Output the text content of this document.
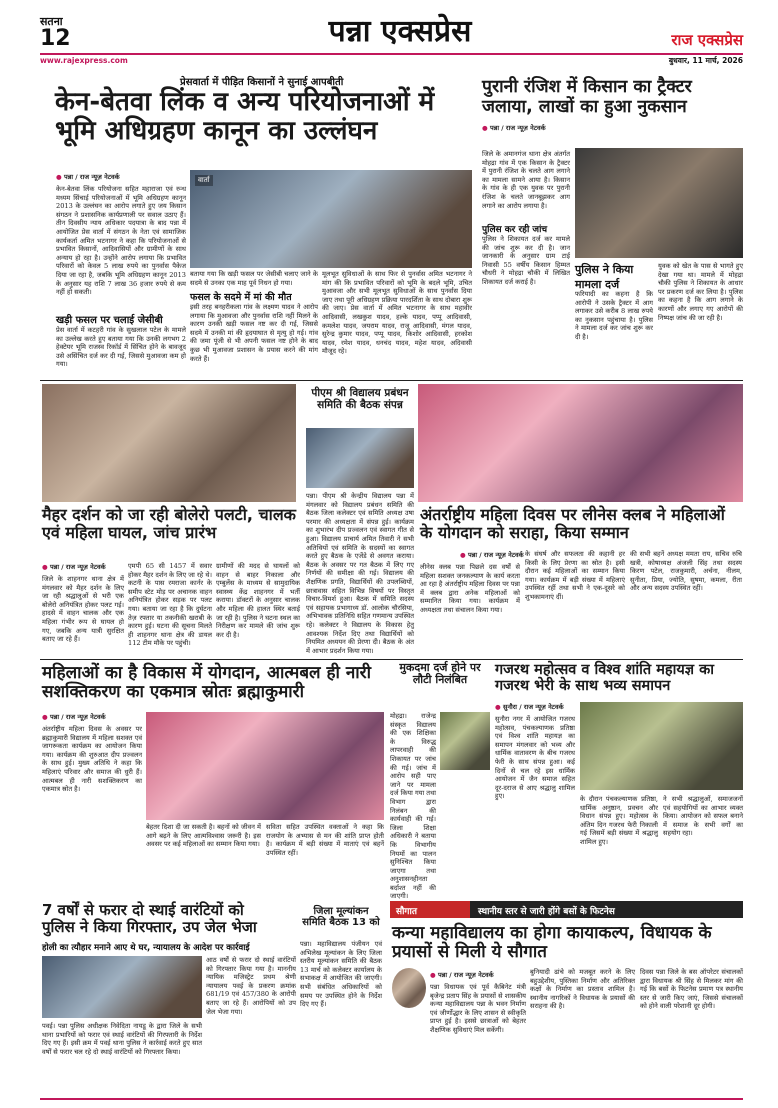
सतना
12	पन्ना एक्सप्रेस	राज एक्सप्रेस
www.rajexpress.com	बुधवार, 11 मार्च, 2026
प्रेसवार्ता में पीड़ित किसानों ने सुनाई आपबीती
केन-बेतवा लिंक व अन्य परियोजनाओं में भूमि अधिग्रहण कानून का उल्लंघन
● पन्ना / राज न्यूज़ नेटवर्क
केन-बेतवा लिंक परियोजना सहित महाराजा एवं रुन्ध मध्यम सिंचाई परियोजनाओं में भूमि अधिग्रहण कानून 2013 के उल्लंघन का आरोप लगाते हुए जय किसान संगठन ने प्रशासनिक कार्यप्रणाली पर सवाल उठाए हैं। तीन दिवसीय न्याय अधिकार पदयात्रा के बाद पन्ना में आयोजित प्रेस वार्ता में संगठन के नेता एवं सामाजिक कार्यकर्ता अमित भटनागर ने कहा कि परियोजनाओं से प्रभावित किसानों, आदिवासियों और ग्रामीणों के साथ अन्याय हो रहा है। उन्होंने आरोप लगाया कि प्रभावित परिवारों को केवल 5 लाख रुपये का पुनर्वास पैकेज दिया जा रहा है, जबकि भूमि अधिग्रहण कानून 2013 के अनुसार यह राशि 7 लाख 36 हजार रुपये से कम नहीं हो सकती।
खड़ी फसल पर चलाई जेसीबी
प्रेस वार्ता में कटहरी गांव के सुखलाल पटेल के मामले का उल्लेख करते हुए बताया गया कि उनकी लगभग 2 हेक्टेयर भूमि राजस्व रिकॉर्ड में सिंचित होने के बावजूद उसे असिंचित दर्ज कर दी गई, जिससे मुआवजा कम हो गया।
वार्ता
बताया गया कि खड़ी फसल पर जेसीबी चलाए जाने के सदमे से उनका एक माह पूर्व निधन हो गया।
फसल के सदमे में मां की मौत
इसी तरह बनहरीकला गांव के लक्ष्मण यादव ने आरोप लगाया कि मुआवजा और पुनर्वास राशि नहीं मिलने के कारण उनकी खड़ी फसल नष्ट कर दी गई, जिससे सदमे में उनकी मां की हृदयाघात से मृत्यु हो गई। गांव की जमा पूंजी से भी अपनी फसल नष्ट होने के बाद कुछ भी मुआवजा प्रशासन के प्रयास करने की मांग करते हैं।
मूलभूत सुविधाओं के साथ फिर से पुनर्वास अमित भटनागर ने मांग की कि प्रभावित परिवारों को भूमि के बदले भूमि, उचित मुआवजा और सभी मूलभूत सुविधाओं के साथ पुनर्वास दिया जाए तथा पूरी अधिग्रहण प्रक्रिया पारदर्शिता के साथ दोबारा शुरू की जाए। प्रेस वार्ता में अमित भटनागर के साथ महावीर आदिवासी, लखकुश यादव, हल्के यादव, पप्पू आदिवासी, कमलेश यादव, जयराम यादव, राजू आदिवासी, मंगल यादव, सुरेन्द्र कुमार यादव, पप्पू यादव, किशोर आदिवासी, हरकोश यादव, रमेश यादव, धनचंद यादव, महेश यादव, अदिवासी मौजूद रहे।
पुरानी रंजिश में किसान का ट्रैक्टर जलाया, लाखों का हुआ नुकसान
● पन्ना / राज न्यूज़ नेटवर्क
जिले के अमानगंज थाना क्षेत्र अंतर्गत मोहद्रा गांव में एक किसान के ट्रैक्टर में पुरानी रंजिश के चलते आग लगाने का मामला सामने आया है। किसान के गांव के ही एक युवक पर पुरानी रंजिश के चलते जानबूझकर आग लगाने का आरोप लगाया है।
पुलिस कर रही जांच
पुलिस ने शिकायत दर्ज कर मामले की जांच शुरू कर दी है। जान जानकारी के अनुसार ग्राम टाई निवासी 55 वर्षीय किसान हिम्मत चौधरी ने मोहद्रा चौकी में लिखित शिकायत दर्ज कराई है।
पुलिस ने किया मामला दर्ज
फरियादी का कहना है कि आरोपी ने उसके ट्रैक्टर में आग लगाकर उसे करीब 8 लाख रुपये का नुकसान पहुंचाया है। पुलिस ने मामला दर्ज कर जांच शुरू कर दी है।
युवक को खेत के पास से भागते हुए देखा गया था। मामले में मोहद्रा चौकी पुलिस ने शिकायत के आधार पर प्रकरण दर्ज कर लिया है। पुलिस का कहना है कि आग लगाने के कारणों और लगाए गए आरोपों की निष्पक्ष जांच की जा रही है।
मैहर दर्शन को जा रही बोलेरो पलटी, चालक एवं महिला घायल, जांच प्रारंभ
● पन्ना / राज न्यूज़ नेटवर्क
जिले के शाहनगर थाना क्षेत्र में मंगलवार को मैहर दर्शन के लिए जा रही श्रद्धालुओं से भरी एक बोलेरो अनियंत्रित होकर पलट गई। हादसे में वाहन चालक और एक महिला गंभीर रूप से घायल हो गए, जबकि अन्य यात्री सुरक्षित बताए जा रहे हैं।
एमपी 65 सी 1457 में सवार होकर मैहर दर्शन के लिए जा रहे थे। कटनी के पास रमराजा कार्नर के समीप स्टेट मोड़ पर अचानक वाहन अनियंत्रित होकर सड़क पर पलट गया। बताया जा रहा है कि दुर्घटना तेज़ रफ्तार या तकनीकी खराबी के कारण हुई। घटना की सूचना मिलते ही शाहनगर थाना क्षेत्र की डायल 112 टीम मौके पर पहुंची।
ग्रामीणों की मदद से घायलों को वाहन से बाहर निकाला और एम्बुलेंस के माध्यम से सामुदायिक स्वास्थ्य केंद्र शाहनगर में भर्ती कराया। डॉक्टरों के अनुसार चालक और महिला की हालत स्थिर बताई जा रही है। पुलिस ने घटना स्थल का निरीक्षण कर मामले की जांच शुरू कर दी है।
पीएम श्री विद्यालय प्रबंधन समिति की बैठक संपन्न
पन्ना। पीएम श्री केन्द्रीय विद्यालय पन्ना में मंगलवार को विद्यालय प्रबंधन समिति की बैठक जिला कलेक्टर एवं समिति अध्यक्ष उषा परमार की अध्यक्षता में संपन्न हुई। कार्यक्रम का शुभारंभ दीप प्रज्वलन एवं स्वागत गीत से हुआ। विद्यालय प्राचार्य अमित तिवारी ने सभी अतिथियों एवं समिति के सदस्यों का स्वागत करते हुए बैठक के एजेंडे से अवगत कराया। बैठक के अवसर पर गत बैठक में लिए गए निर्णयों की समीक्षा की गई। विद्यालय की शैक्षणिक प्रगति, विद्यार्थियों की उपलब्धियों, छात्रावास सहित विभिन्न विषयों पर विस्तृत विचार-विमर्श हुआ। बैठक में समिति सदस्य एवं सहायक प्रभागाध्य डॉ. आलोक चौरसिया, अभिभावक प्रतिनिधि सहित गणमान्य उपस्थित रहे। कलेक्टर ने विद्यालय के विकास हेतु आवश्यक निर्देश दिए तथा विद्यार्थियों को नियमित अध्ययन की प्रेरणा दी। बैठक के अंत में आभार प्रदर्शन किया गया।
अंतर्राष्ट्रीय महिला दिवस पर लीनेस क्लब ने महिलाओं के योगदान को सराहा, किया सम्मान
● पन्ना / राज न्यूज़ नेटवर्क
लीनेस क्लब पन्ना पिछले दस वर्षों से महिला सशक्त जनकल्याण के कार्य करता आ रहा है अंतर्राष्ट्रीय महिला दिवस पर पन्ना में क्लब द्वारा अनेक महिलाओं को सम्मानित किया गया। कार्यक्रम में अध्यक्षता तथा संचालन किया गया।
के संघर्ष और सफलता की कहानी हर किसी के लिए प्रेरणा का स्रोत है। इसी दौरान कई महिलाओं का सम्मान किया गया। कार्यक्रम में बड़ी संख्या में महिलाएं उपस्थित रहीं तथा सभी ने एक-दूसरे को शुभकामनाएं दीं।
की सभी बहनें अध्यक्ष ममता राय, सचिव रुचि खत्री, कोषाध्यक्ष अंजली सिंह तथा सदस्य किरण पटेल, राजकुमारी, अर्चना, नीलम, सुनीता, प्रिया, ज्योति, सुषमा, कमला, रीता और अन्य सदस्य उपस्थित रहीं।
महिलाओं का है विकास में योगदान, आत्मबल ही नारी सशक्तिकरण का एकमात्र स्रोतः ब्रह्माकुमारी
● पन्ना / राज न्यूज़ नेटवर्क
अंतर्राष्ट्रीय महिला दिवस के अवसर पर ब्रह्माकुमारी विद्यालय में महिला सशक्त एवं जागरूकता कार्यक्रम का आयोजन किया गया। कार्यक्रम की शुरुआत दीप प्रज्वलन के साथ हुई। मुख्य अतिथि ने कहा कि महिलाएं परिवार और समाज की धुरी हैं। आत्मबल ही नारी सशक्तिकरण का एकमात्र स्रोत है।
बेहतर दिशा दी जा सकती है। बहनों को जीवन में आगे बढ़ने के लिए आत्मविश्वास जरूरी है। इस अवसर पर कई महिलाओं का सम्मान किया गया।
सविता सहित उपस्थित वक्ताओं ने कहा कि राजयोग के अभ्यास से मन की शांति प्राप्त होती है। कार्यक्रम में बड़ी संख्या में माताएं एवं बहनें उपस्थित रहीं।
मुकदमा दर्ज होने पर लौटी निलंबित
मोहद्रा। राजेन्द्र संस्कृत विद्यालय की एक शिक्षिका के विरुद्ध लापरवाही की शिकायत पर जांच की गई। जांच में आरोप सही पाए जाने पर मामला दर्ज किया गया तथा विभाग द्वारा निलंबन की कार्यवाही की गई। जिला शिक्षा अधिकारी ने बताया कि विभागीय नियमों का पालन सुनिश्चित किया जाएगा तथा अनुशासनहीनता बर्दाश्त नहीं की जाएगी।
गजरथ महोत्सव व विश्व शांति महायज्ञ का गजरथ भेरी के साथ भव्य समापन
● सुनौरा / राज न्यूज़ नेटवर्क
सुनौरा नगर में आयोजित गजरथ महोत्सव, पंचकल्याणक प्रतिष्ठा एवं विश्व शांति महायज्ञ का समापन मंगलवार को भव्य और धार्मिक वातावरण के बीच गजरथ फेरी के साथ संपन्न हुआ। कई दिनों से चल रहे इस धार्मिक आयोजन में जैन समाज सहित दूर-दराज से आए श्रद्धालु शामिल हुए।	के दौरान पंचकल्याणक प्रतिष्ठा, धार्मिक अनुष्ठान, प्रवचन और विधान संपन्न हुए। महोत्सव के अंतिम दिन गजरथ फेरी निकाली गई जिसमें बड़ी संख्या में श्रद्धालु शामिल हुए।
ने सभी श्रद्धालुओं, समाजजनों एवं सहयोगियों का आभार व्यक्त किया। आयोजन को सफल बनाने में समाज के सभी वर्गों का सहयोग रहा।
सौगात	स्थानीय स्तर से जारी होंगे बसों के फिटनेस
7 वर्षों से फरार दो स्थाई वारंटियों को पुलिस ने किया गिरफ्तार, उप जेल भेजा
होली का त्यौहार मनाने आए थे घर, न्यायालय के आदेश पर कार्रवाई
पवई। पन्ना पुलिस अधीक्षक निवेदिता नायडू के द्वारा जिले के सभी थाना प्रभारियों को फरार एवं स्थाई वारंटियों की गिरफ्तारी के निर्देश दिए गए हैं। इसी क्रम में पवई थाना पुलिस ने कार्रवाई करते हुए सात वर्षों से फरार चल रहे दो स्थाई वारंटियों को गिरफ्तार किया।
आठ वर्षों से फरार दो स्थाई वारंटियों को गिरफ्तार किया गया है। माननीय न्यायिक मजिस्ट्रेट प्रथम श्रेणी न्यायालय पवई के प्रकरण क्रमांक 681/19 एवं 457/380 के आरोपी बताए जा रहे हैं। आरोपियों को उप जेल भेजा गया।
जिला मूल्यांकन समिति बैठक 13 को
पन्ना। महाविद्यालय पंजीयन एवं अभिलेख मूल्यांकन के लिए जिला स्तरीय मूल्यांकन समिति की बैठक 13 मार्च को कलेक्टर कार्यालय के सभाकक्ष में आयोजित की जाएगी। सभी संबंधित अधिकारियों को समय पर उपस्थित होने के निर्देश दिए गए हैं।
कन्या महाविद्यालय का होगा कायाकल्प, विधायक के प्रयासों से मिली ये सौगात
● पन्ना / राज न्यूज़ नेटवर्क
पन्ना विधायक एवं पूर्व कैबिनेट मंत्री बृजेन्द्र प्रताप सिंह के प्रयासों से शासकीय कन्या महाविद्यालय पन्ना के भवन निर्माण एवं जीर्णोद्धार के लिए शासन से स्वीकृति प्राप्त हुई है। इससे छात्राओं को बेहतर शैक्षणिक सुविधाएं मिल सकेंगी।
बुनियादी ढांचे को मजबूत करने के लिए बहुउद्देशीय, पुस्तिका निर्माण और अतिरिक्त कक्षों के निर्माण का प्रस्ताव शामिल है। स्थानीय नागरिकों ने विधायक के प्रयासों की सराहना की है।
दिवस पन्ना जिले के बस ऑपरेटर संचालकों द्वारा विधायक श्री सिंह से मिलकर मांग की गई कि बसों के फिटनेस प्रमाण पत्र स्थानीय स्तर से जारी किए जाएं, जिससे संचालकों को होने वाली परेशानी दूर होगी।
